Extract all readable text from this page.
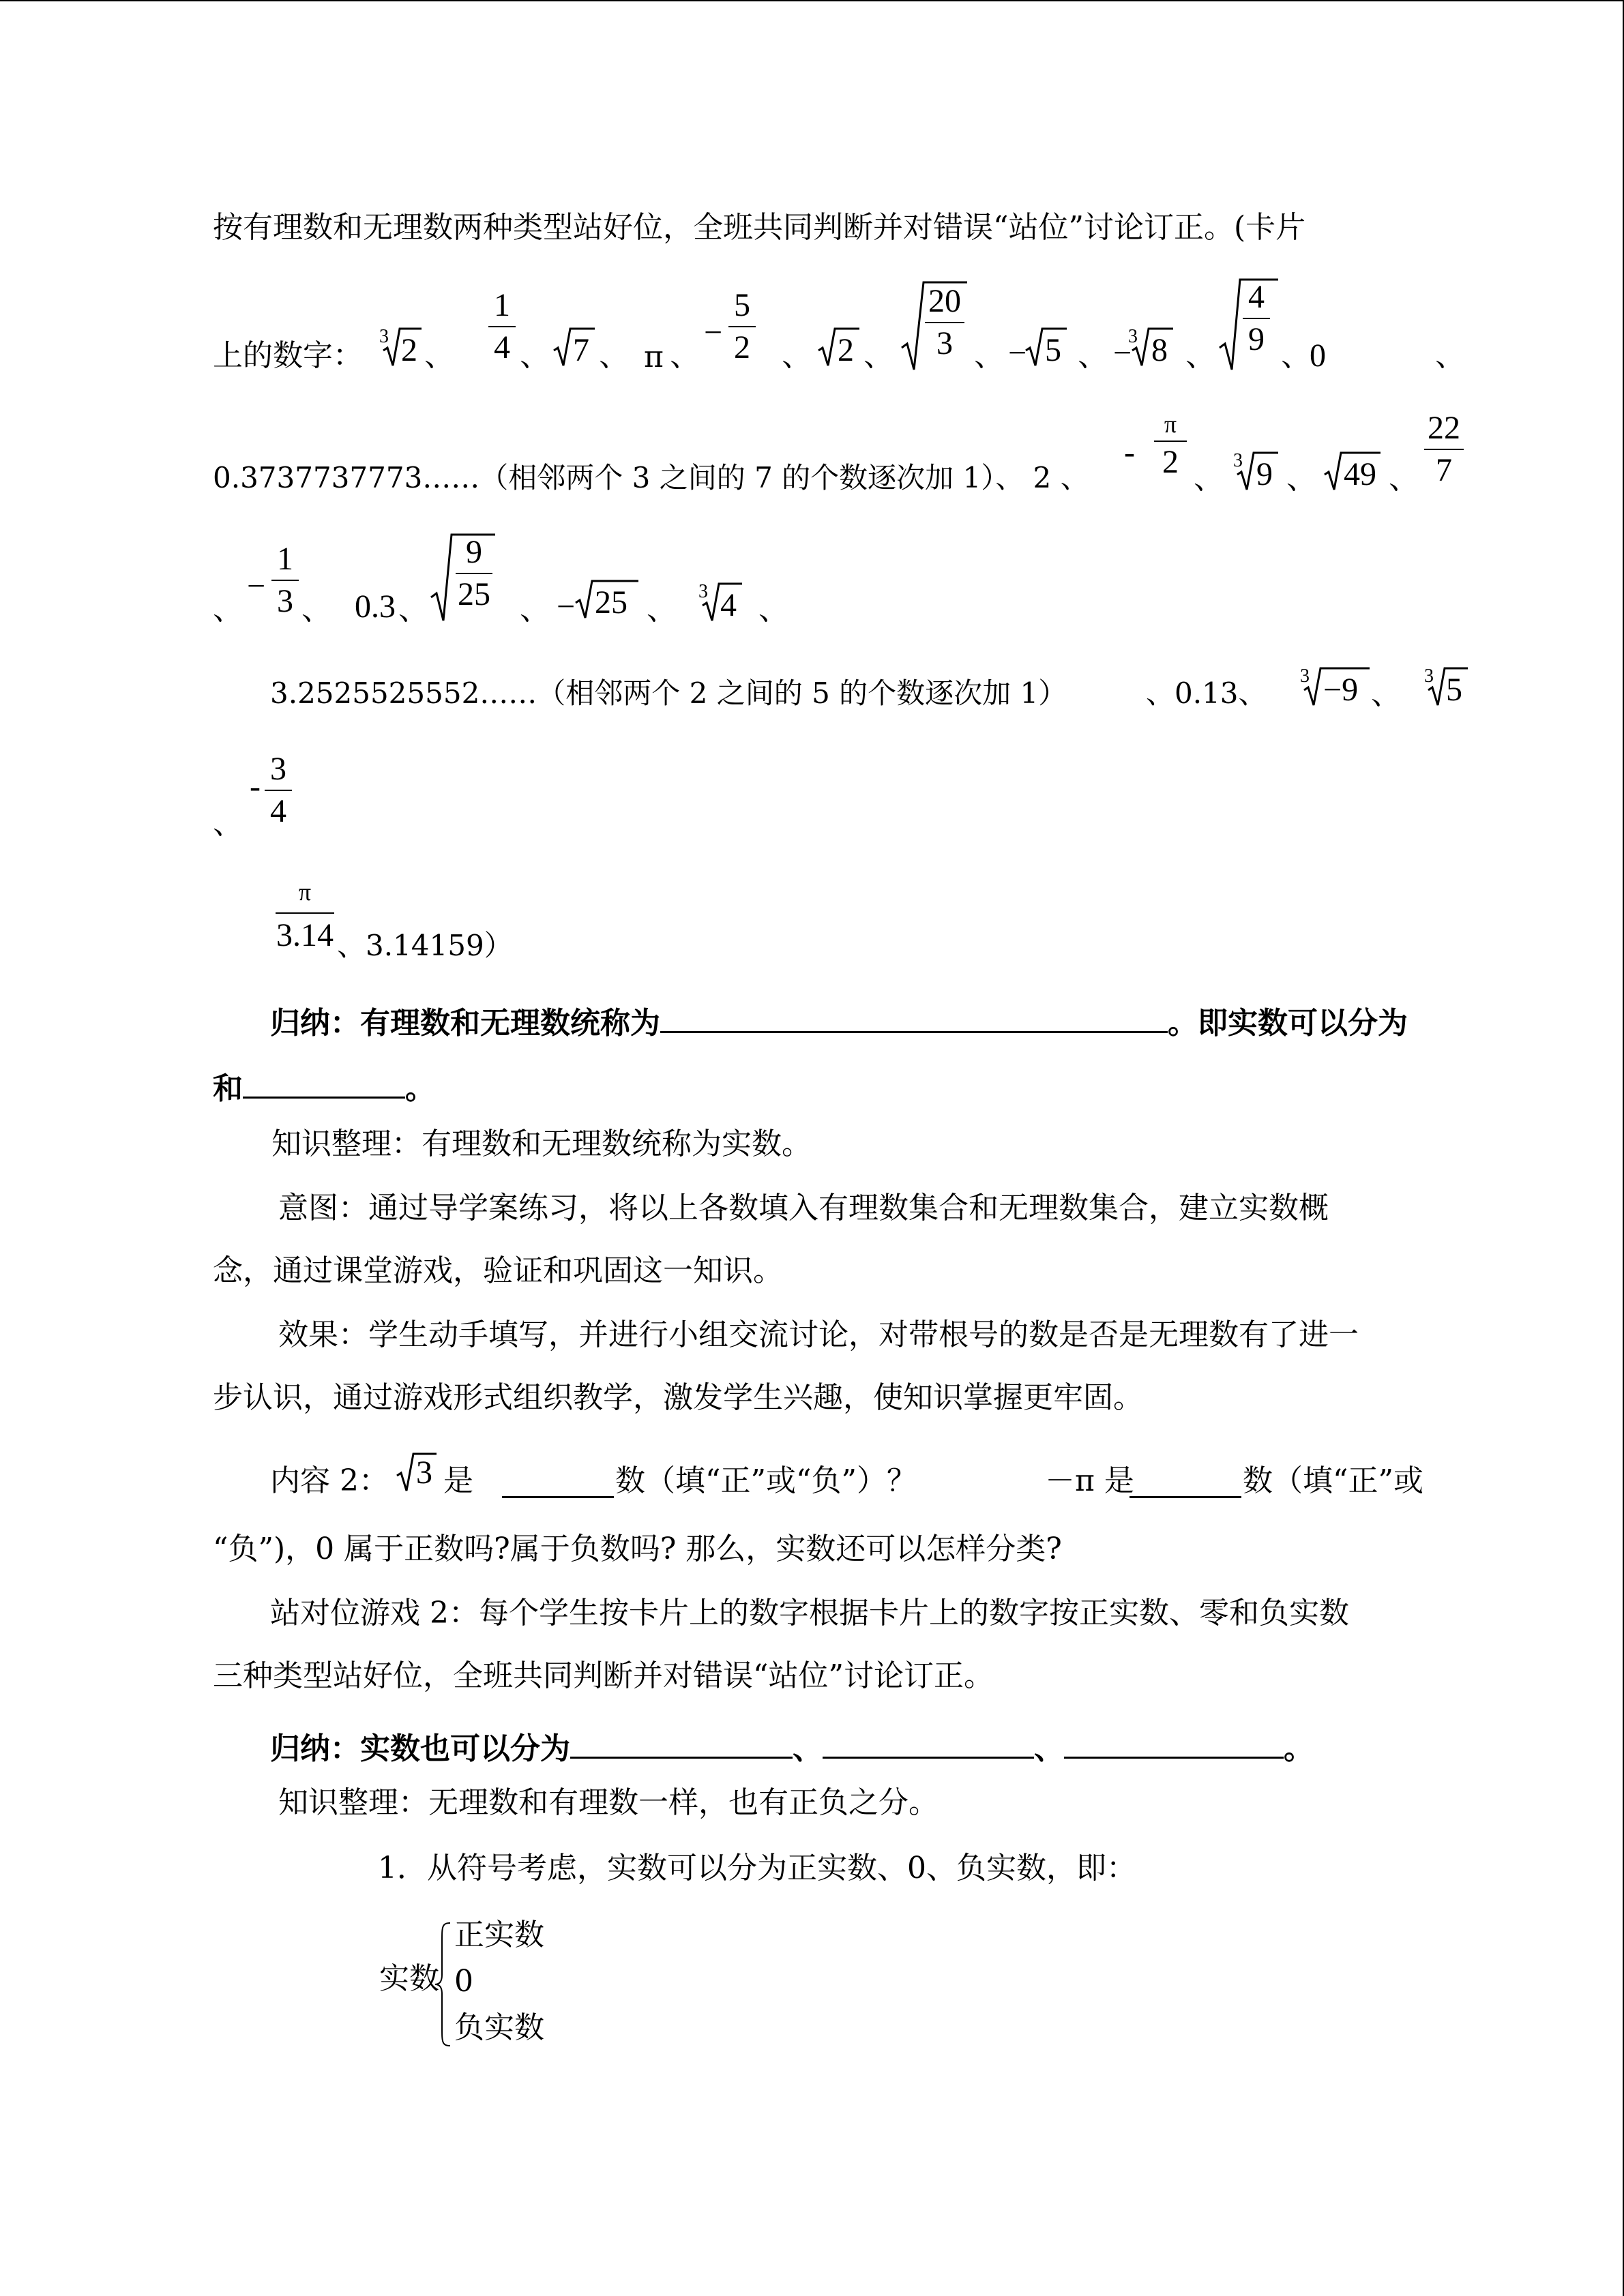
按有理数和无理数两种类型站好位，全班共同判断并对错误“站位”讨论订正。(卡片
上的数字：
3 2 、
1
4 、 7 、 π 、
−
5
2 、 2 、
20
3 、 − 5 、 −
3 8 、
4
9 、
0	、
0.3737737773……（相邻两个 3 之间的 7 的个数逐次加 1）、 2 、
-
π
2 、
3 9 、 49 、
22
7
、
−
1
3 、 0.3 、
9
25 、 − 25 、
3 4 、
3.2525525552……（相邻两个 2 之间的 5 的个数逐次加 1）	、0.13、
3 −9 、
3 5
、
- 3
4
π
3.14 、3.14159）
归纳：有理数和无理数统称为	。即实数可以分为
和	。
知识整理：有理数和无理数统称为实数。
意图：通过导学案练习，将以上各数填入有理数集合和无理数集合，建立实数概
念，通过课堂游戏，验证和巩固这一知识。
效果：学生动手填写，并进行小组交流讨论，对带根号的数是否是无理数有了进一
步认识，通过游戏形式组织教学，激发学生兴趣，使知识掌握更牢固。
内容 2： 3 是	数（填“正”或“负”）？	－π 是	数（填“正”或
“负”)，0 属于正数吗?属于负数吗? 那么，实数还可以怎样分类?
站对位游戏 2：每个学生按卡片上的数字根据卡片上的数字按正实数、零和负实数
三种类型站好位，全班共同判断并对错误“站位”讨论订正。
归纳：实数也可以分为	、	、	。
知识整理：无理数和有理数一样，也有正负之分。
1．从符号考虑，实数可以分为正实数、0、负实数，即：
实数
正实数
0
负实数
